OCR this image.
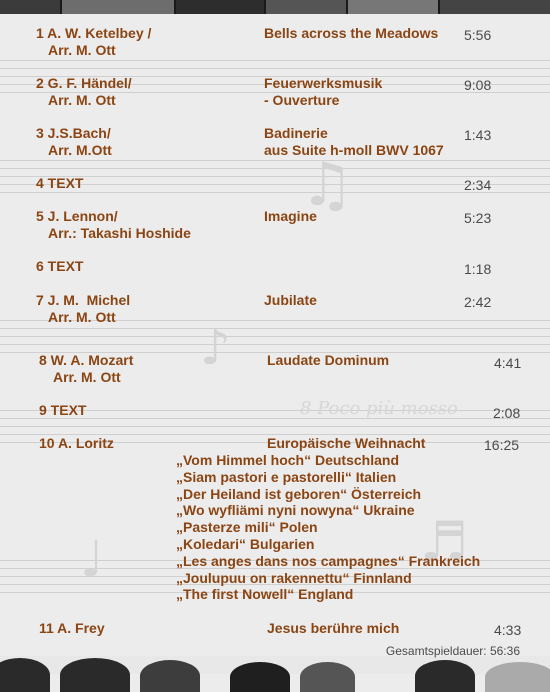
♫
♪
♬
♩
8 Poco più mosso
1 A. W. Ketelbey /
Arr. M. Ott
Bells across the Meadows 5:56
2 G. F. Händel/
Arr. M. Ott
Feuerwerksmusik
- Ouverture
9:08
3 J.S.Bach/
Arr. M.Ott
Badinerie
aus Suite h-moll BWV 1067
1:43
4 TEXT	2:34
5 J. Lennon/
Arr.: Takashi Hoshide
Imagine	5:23
6 TEXT	1:18
7 J. M.  Michel
Arr. M. Ott
Jubilate	2:42
8 W. A. Mozart
Arr. M. Ott
Laudate Dominum	4:41
9 TEXT	2:08
10 A. Loritz	Europäische Weihnacht	16:25
„Vom Himmel hoch“ Deutschland
„Siam pastori e pastorelli“ Italien
„Der Heiland ist geboren“ Österreich
„Wo wyfliämi nyni nowyna“ Ukraine
„Pasterze mili“ Polen
„Koledari“ Bulgarien
„Les anges dans nos campagnes“ Frankreich
„Joulupuu on rakennettu“ Finnland
„The first Nowell“ England
11 A. Frey	Jesus berühre mich	4:33
Gesamtspieldauer: 56:36
